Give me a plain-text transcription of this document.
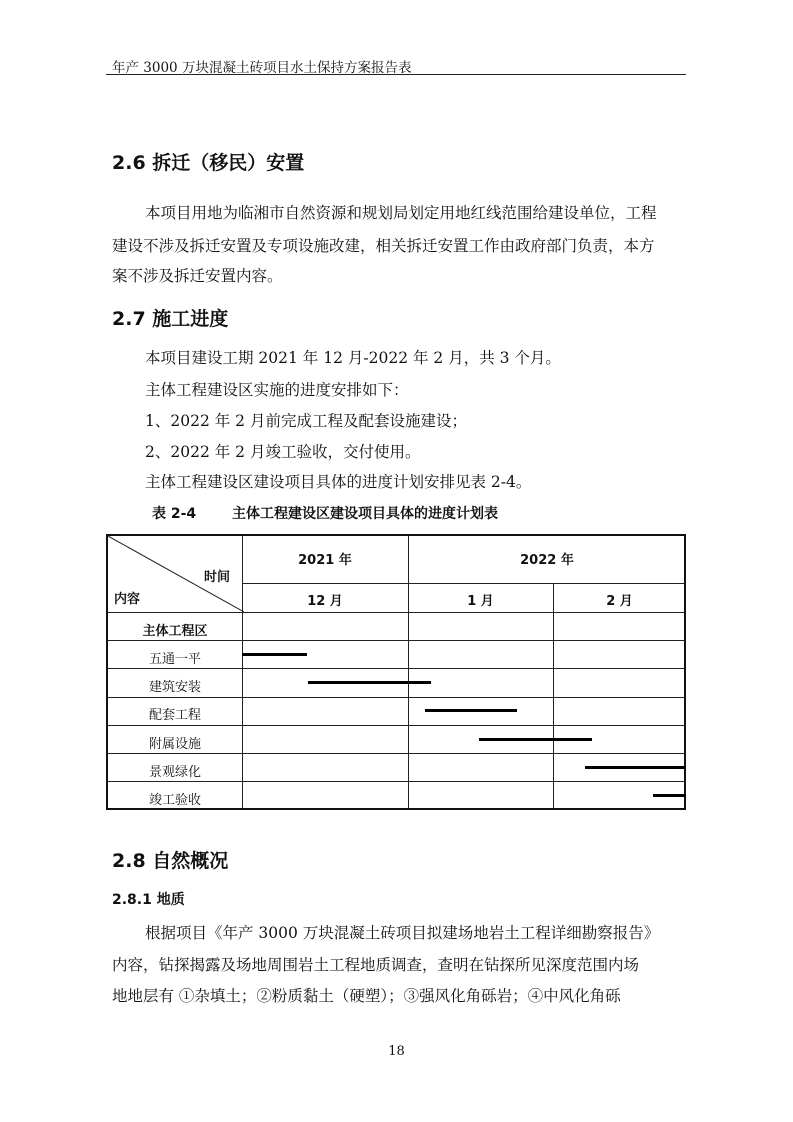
年产 3000 万块混凝土砖项目水土保持方案报告表
2.6 拆迁（移民）安置
本项目用地为临湘市自然资源和规划局划定用地红线范围给建设单位，工程
建设不涉及拆迁安置及专项设施改建，相关拆迁安置工作由政府部门负责，本方
案不涉及拆迁安置内容。
2.7 施工进度
本项目建设工期 2021 年 12 月-2022 年 2 月，共 3 个月。
主体工程建设区实施的进度安排如下：
1、2022 年 2 月前完成工程及配套设施建设；
2、2022 年 2 月竣工验收，交付使用。
主体工程建设区建设项目具体的进度计划安排见表 2-4。
表 2-4	主体工程建设区建设项目具体的进度计划表
时间
内容
2021 年	2022 年
12 月	1 月	2 月
主体工程区
五通一平
建筑安装
配套工程
附属设施
景观绿化
竣工验收
2.8 自然概况
2.8.1 地质
根据项目《年产 3000 万块混凝土砖项目拟建场地岩土工程详细勘察报告》
内容，钻探揭露及场地周围岩土工程地质调查，查明在钻探所见深度范围内场
地地层有 ①杂填土；②粉质黏土（硬塑）；③强风化角砾岩；④中风化角砾
18
